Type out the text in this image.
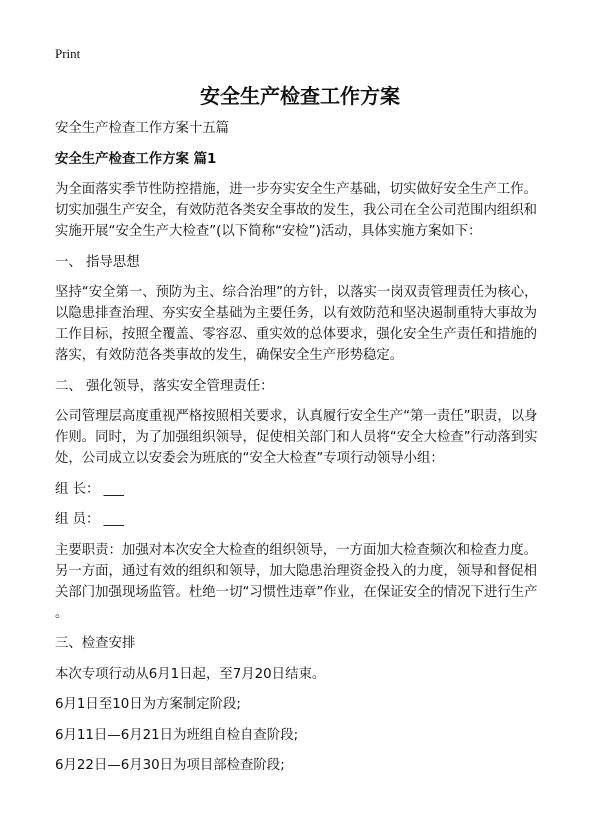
Print
安全生产检查工作方案
安全生产检查工作方案十五篇
安全生产检查工作方案 篇1
为全面落实季节性防控措施，进一步夯实安全生产基础，切实做好安全生产工作。
切实加强生产安全，有效防范各类安全事故的发生，我公司在全公司范围内组织和
实施开展“安全生产大检查”(以下简称“安检”)活动，具体实施方案如下：
一、 指导思想
坚持“安全第一、预防为主、综合治理”的方针，以落实一岗双责管理责任为核心，
以隐患排查治理、夯实安全基础为主要任务，以有效防范和坚决遏制重特大事故为
工作目标，按照全覆盖、零容忍、重实效的总体要求，强化安全生产责任和措施的
落实，有效防范各类事故的发生，确保安全生产形势稳定。
二、 强化领导，落实安全管理责任：
公司管理层高度重视严格按照相关要求，认真履行安全生产“第一责任”职责，以身
作则。同时，为了加强组织领导，促使相关部门和人员将“安全大检查”行动落到实
处，公司成立以安委会为班底的“安全大检查”专项行动领导小组：
组 长： ___
组 员： ___
主要职责：加强对本次安全大检查的组织领导，一方面加大检查频次和检查力度。
另一方面，通过有效的组织和领导，加大隐患治理资金投入的力度，领导和督促相
关部门加强现场监管。杜绝一切“习惯性违章”作业，在保证安全的情况下进行生产
。
三、检查安排
本次专项行动从6月1日起，至7月20日结束。
6月1日至10日为方案制定阶段;
6月11日—6月21日为班组自检自查阶段;
6月22日—6月30日为项目部检查阶段;
